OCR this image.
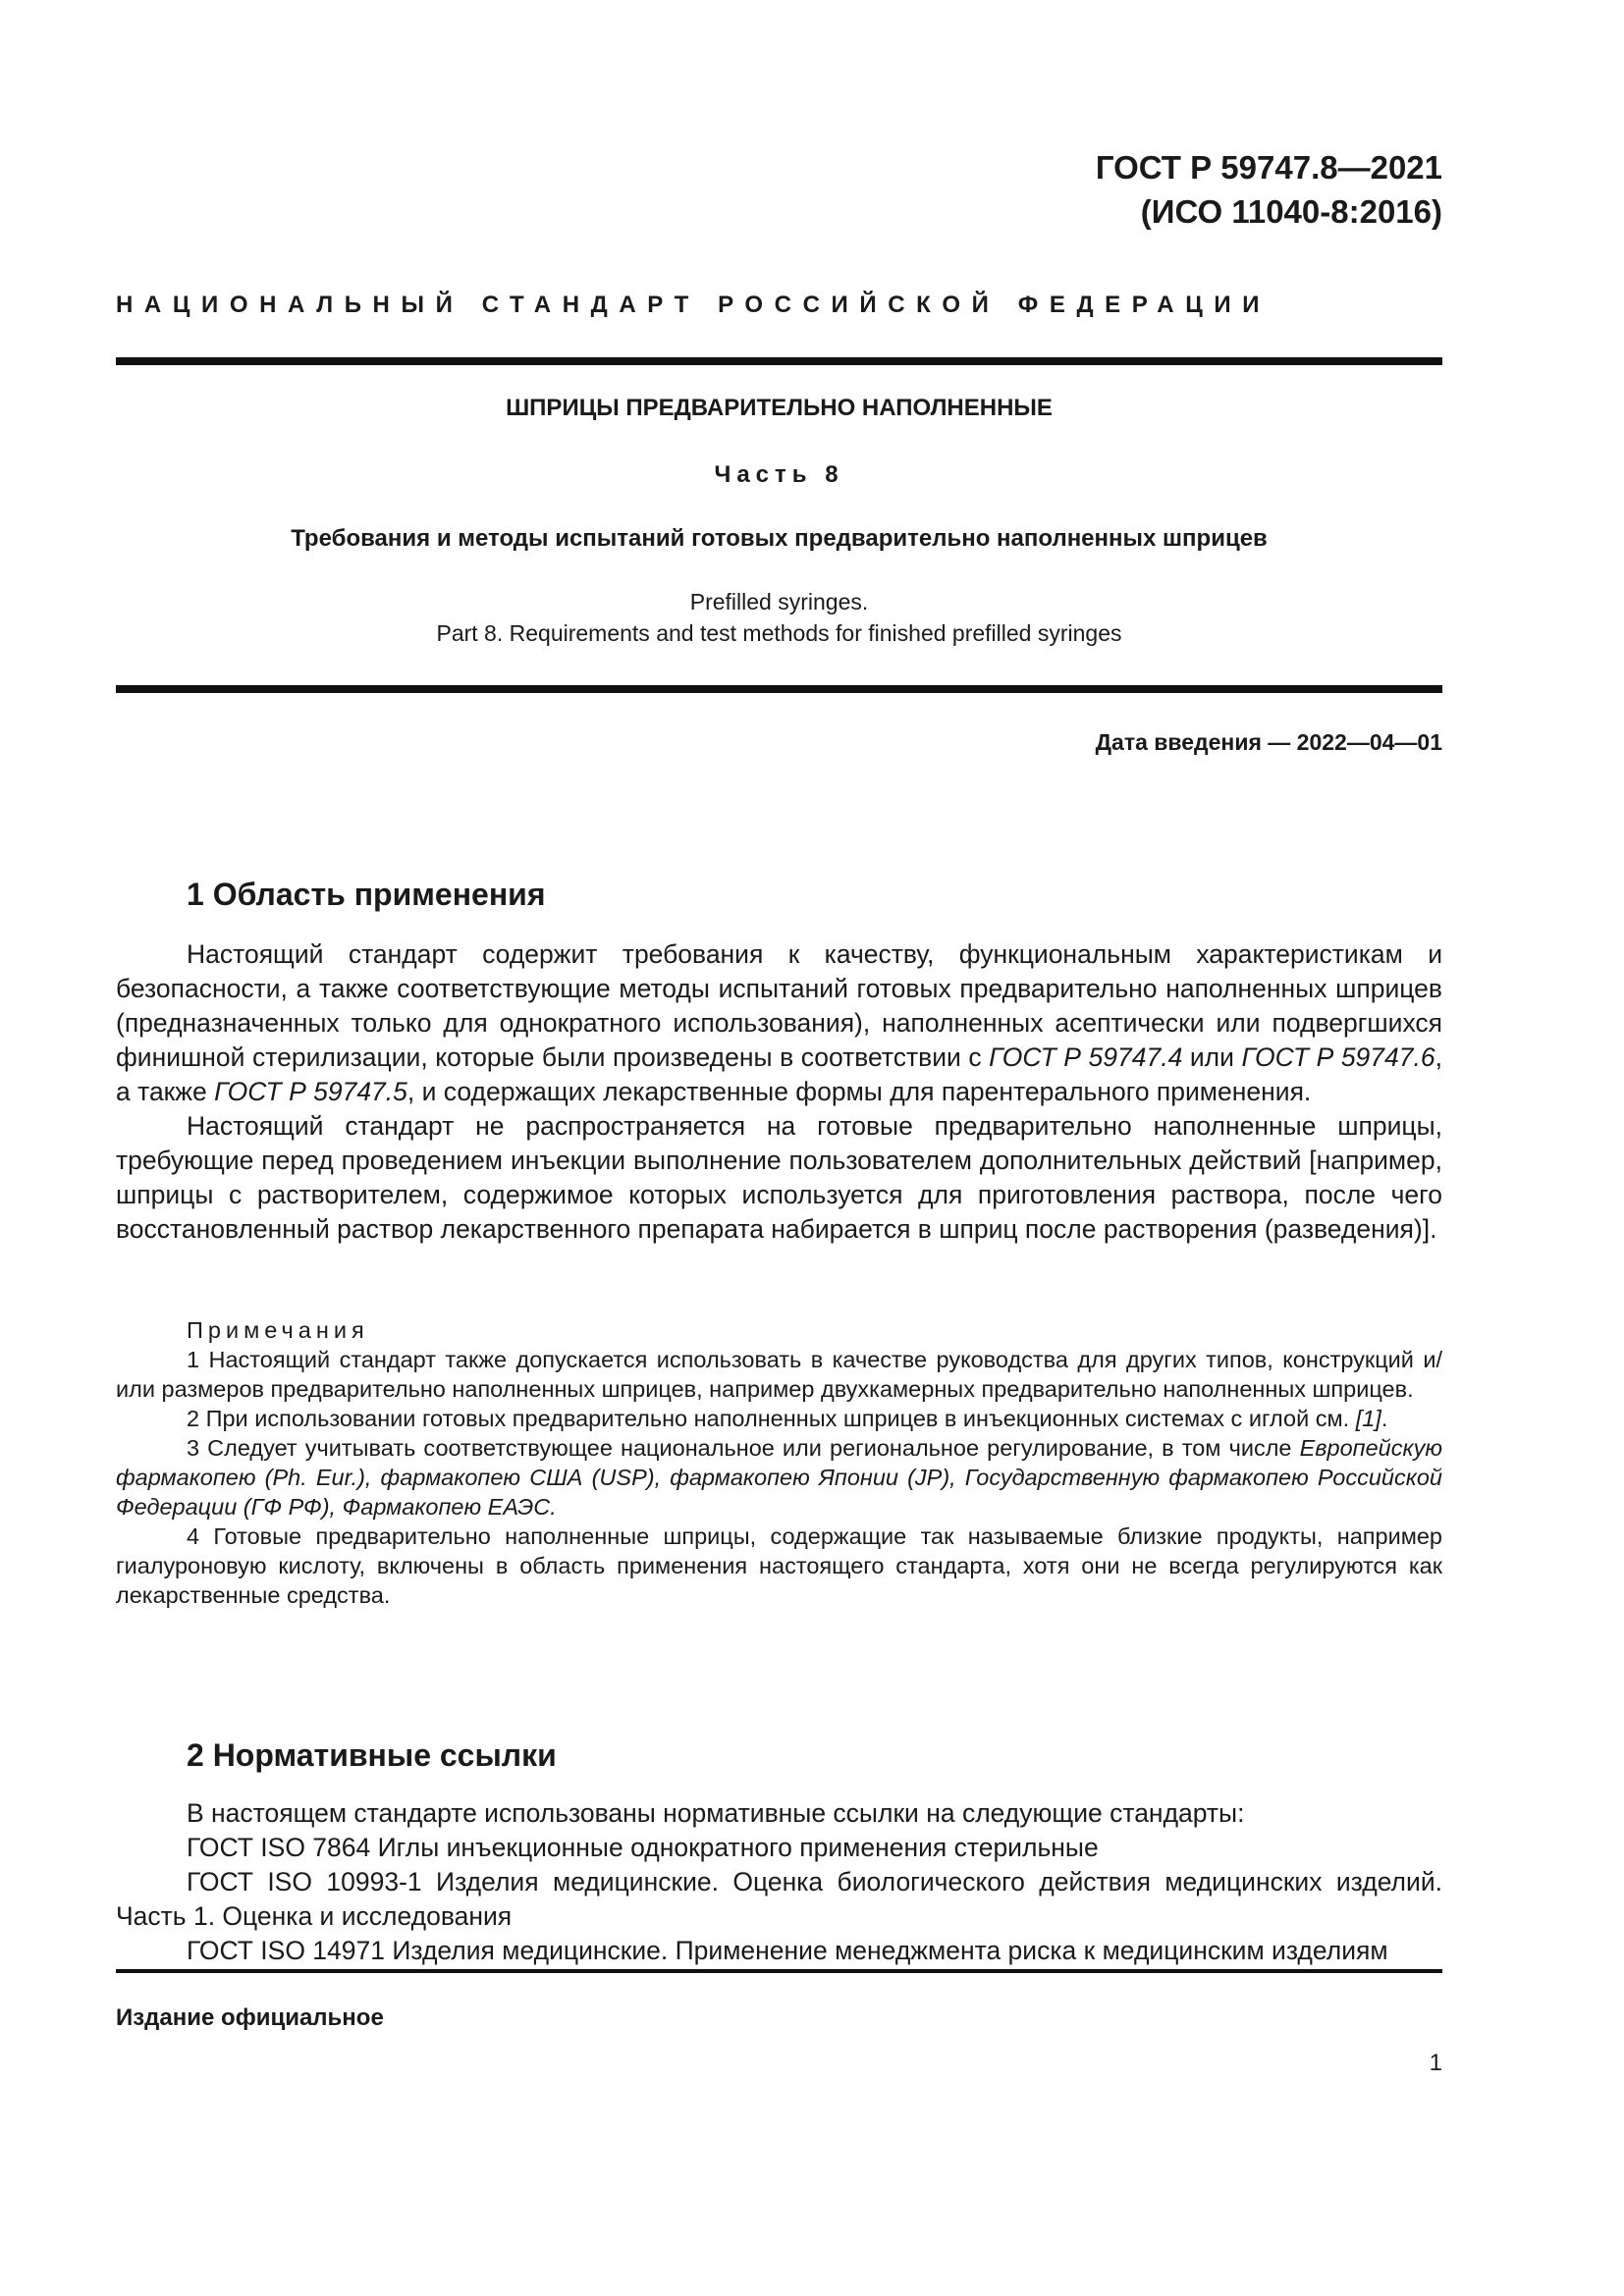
ГОСТ Р 59747.8—2021
(ИСО 11040-8:2016)
НАЦИОНАЛЬНЫЙ СТАНДАРТ РОССИЙСКОЙ ФЕДЕРАЦИИ
ШПРИЦЫ ПРЕДВАРИТЕЛЬНО НАПОЛНЕННЫЕ
Часть 8
Требования и методы испытаний готовых предварительно наполненных шприцев
Prefilled syringes.
Part 8. Requirements and test methods for finished prefilled syringes
Дата введения — 2022—04—01
1 Область применения

Настоящий стандарт содержит требования к качеству, функциональным характеристикам и безопасности, а также соответствующие методы испытаний готовых предварительно наполненных шприцев (предназначенных только для однократного использования), наполненных асептически или подвергшихся финишной стерилизации, которые были произведены в соответствии с ГОСТ Р 59747.4 или ГОСТ Р 59747.6, а также ГОСТ Р 59747.5, и содержащих лекарственные формы для парентерального применения.

Настоящий стандарт не распространяется на готовые предварительно наполненные шприцы, требующие перед проведением инъекции выполнение пользователем дополнительных действий [например, шприцы с растворителем, содержимое которых используется для приготовления раствора, после чего восстановленный раствор лекарственного препарата набирается в шприц после растворения (разведения)].

Примечания

1 Настоящий стандарт также допускается использовать в качестве руководства для других типов, конструкций и/или размеров предварительно наполненных шприцев, например двухкамерных предварительно наполненных шприцев.

2 При использовании готовых предварительно наполненных шприцев в инъекционных системах с иглой см. [1].

3 Следует учитывать соответствующее национальное или региональное регулирование, в том числе Европейскую фармакопею (Ph. Eur.), фармакопею США (USP), фармакопею Японии (JP), Государственную фармакопею Российской Федерации (ГФ РФ), Фармакопею ЕАЭС.

4 Готовые предварительно наполненные шприцы, содержащие так называемые близкие продукты, например гиалуроновую кислоту, включены в область применения настоящего стандарта, хотя они не всегда регулируются как лекарственные средства.

2 Нормативные ссылки

В настоящем стандарте использованы нормативные ссылки на следующие стандарты:

ГОСТ ISO 7864 Иглы инъекционные однократного применения стерильные

ГОСТ ISO 10993-1 Изделия медицинские. Оценка биологического действия медицинских изделий. Часть 1. Оценка и исследования

ГОСТ ISO 14971 Изделия медицинские. Применение менеджмента риска к медицинским изделиям

Издание официальное
1
